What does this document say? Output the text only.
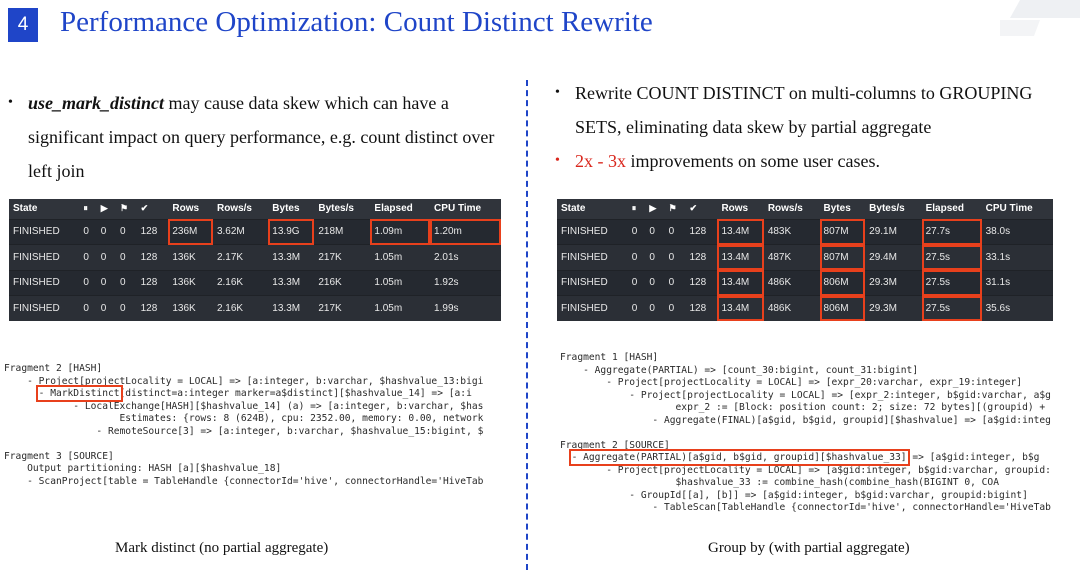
4	Performance Optimization: Count Distinct Rewrite
• use_mark_distinct may cause data skew which can have a significant impact on query performance, e.g. count distinct over left join
• Rewrite COUNT DISTINCT on multi-columns to GROUPING SETS, eliminating data skew by partial aggregate
• 2x - 3x improvements on some user cases.
State	⏸	▶	⚑	✔	Rows	Rows/s	Bytes	Bytes/s	Elapsed	CPU Time
FINISHED	0	0	0	128	236M	3.62M	13.9G	218M	1.09m	1.20m
FINISHED	0	0	0	128	136K	2.17K	13.3M	217K	1.05m	2.01s
FINISHED	0	0	0	128	136K	2.16K	13.3M	216K	1.05m	1.92s
FINISHED	0	0	0	128	136K	2.16K	13.3M	217K	1.05m	1.99s
State	⏸	▶	⚑	✔	Rows	Rows/s	Bytes	Bytes/s	Elapsed	CPU Time
FINISHED	0	0	0	128	13.4M	483K	807M	29.1M	27.7s	38.0s
FINISHED	0	0	0	128	13.4M	487K	807M	29.4M	27.5s	33.1s
FINISHED	0	0	0	128	13.4M	486K	806M	29.3M	27.5s	31.1s
FINISHED	0	0	0	128	13.4M	486K	806M	29.3M	27.5s	35.6s
Fragment 2 [HASH]
- Project[projectLocality = LOCAL] => [a:integer, b:varchar, $hashvalue_13:bigi
- MarkDistinct[distinct=a:integer marker=a$distinct][$hashvalue_14] => [a:i
- LocalExchange[HASH][$hashvalue_14] (a) => [a:integer, b:varchar, $has
Estimates: {rows: 8 (624B), cpu: 2352.00, memory: 0.00, network
- RemoteSource[3] => [a:integer, b:varchar, $hashvalue_15:bigint, $

Fragment 3 [SOURCE]
Output partitioning: HASH [a][$hashvalue_18]
- ScanProject[table = TableHandle {connectorId='hive', connectorHandle='HiveTab
Fragment 1 [HASH]
- Aggregate(PARTIAL) => [count_30:bigint, count_31:bigint]
- Project[projectLocality = LOCAL] => [expr_20:varchar, expr_19:integer]
- Project[projectLocality = LOCAL] => [expr_2:integer, b$gid:varchar, a$g
expr_2 := [Block: position count: 2; size: 72 bytes][(groupid) +
- Aggregate(FINAL)[a$gid, b$gid, groupid][$hashvalue] => [a$gid:integ

Fragment 2 [SOURCE]
- Aggregate(PARTIAL)[a$gid, b$gid, groupid][$hashvalue_33] => [a$gid:integer, b$g
- Project[projectLocality = LOCAL] => [a$gid:integer, b$gid:varchar, groupid:
$hashvalue_33 := combine_hash(combine_hash(BIGINT 0, COA
- GroupId[[a], [b]] => [a$gid:integer, b$gid:varchar, groupid:bigint]
- TableScan[TableHandle {connectorId='hive', connectorHandle='HiveTab
Mark distinct (no partial aggregate)	Group by (with partial aggregate)
